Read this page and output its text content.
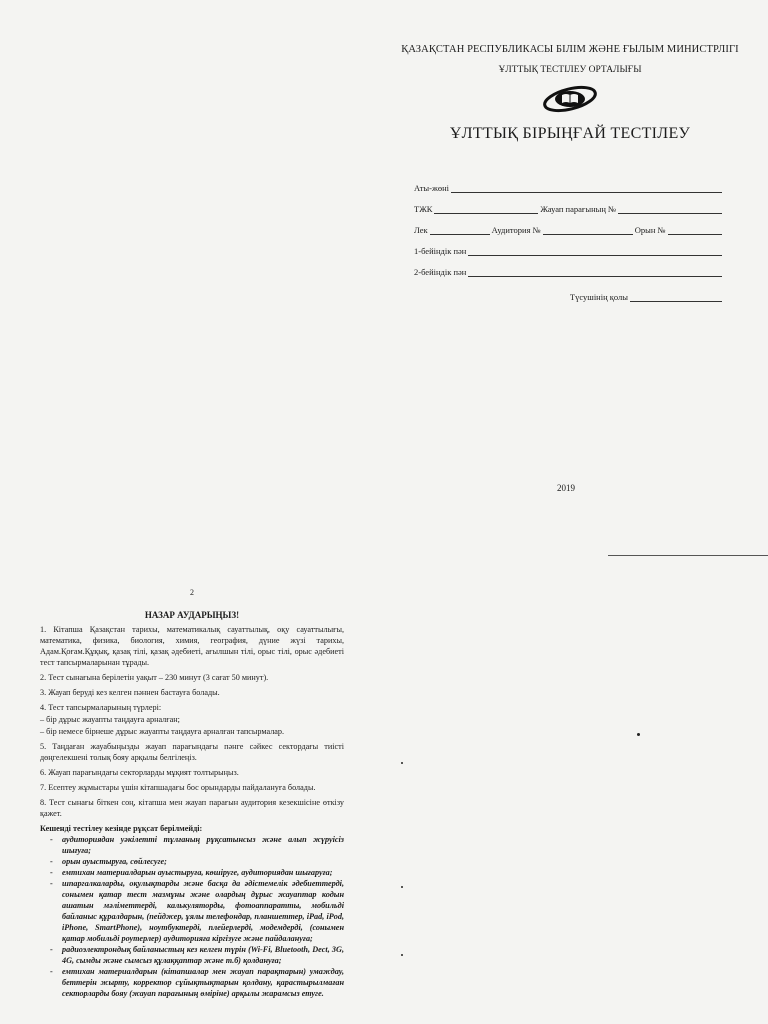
ҚАЗАҚСТАН РЕСПУБЛИКАСЫ БІЛІМ ЖӘНЕ ҒЫЛЫМ МИНИСТРЛІГІ
ҰЛТТЫҚ ТЕСТІЛЕУ ОРТАЛЫҒЫ
ҰЛТТЫҚ БІРЫҢҒАЙ ТЕСТІЛЕУ
Аты-жөні
ТЖК	Жауап парағының №
Лек	Аудитория №	Орын №
1-бейіндік пән
2-бейіндік пән
Түсушінің қолы
2019
2
НАЗАР АУДАРЫҢЫЗ!

1. Кітапша Қазақстан тарихы, математикалық сауаттылық, оқу сауаттылығы, математика, физика, биология, химия, география, дүние жүзі тарихы, Адам.Қоғам.Құқық, қазақ тілі, қазақ әдебиеті, ағылшын тілі, орыс тілі, орыс әдебиеті тест тапсырмаларынан тұрады.

2. Тест сынағына берілетін уақыт – 230 минут (3 сағат 50 минут).

3. Жауап беруді кез келген пәннен бастауға болады.

4. Тест тапсырмаларының түрлері:

– бір дұрыс жауапты таңдауға арналған;

– бір немесе бірнеше дұрыс жауапты таңдауға арналған тапсырмалар.

5. Таңдаған жауабыңызды жауап парағындағы пәнге сәйкес сектордағы тиісті дөңгелекшені толық бояу арқылы белгілеңіз.

6. Жауап парағындағы секторларды мұқият толтырыңыз.

7. Есептеу жұмыстары үшін кітапшадағы бос орындарды пайдалануға болады.

8. Тест сынағы біткен соң, кітапша мен жауап парағын аудитория кезекшісіне өткізу қажет.

Кешенді тестілеу кезінде рұқсат берілмейді:
- аудиториядан уәкілетті тұлғаның рұқсатынсыз және алып жүруісіз шығуға;
- орын ауыстыруға, сөйлесуге;
- емтихан материалдарын ауыстыруға, көшіруге, аудиториядан шығаруға;
- шпаргалкаларды, оқулықтарды және басқа да әдістемелік әдебиеттерді, сонымен қатар тест мазмұны және олардың дұрыс жауаптар кодын ашатын мәліметтерді, калькуляторды, фотоаппаратты, мобильді байланыс құралдарын, (пейджер, ұялы телефондар, планшеттер, iPad, iPod, iPhone, SmartPhone), ноутбуктерді, плейерлерді, модемдерді, (сонымен қатар мобильді роутерлер) аудиторияға кіргізуге және пайдалануға;
- радиоэлектрондық байланыстың кез келген түрін (Wi-Fi, Bluetooth, Dect, 3G, 4G, сымды және сымсыз құлаққаптар және т.б) қолдануға;
- емтихан материалдарын (кітапшалар мен жауап парақтарын) умаждау, беттерін жырту, корректор сұйықтықтарын қолдану, қарастырылмаған секторларды бояу (жауап парағының өміріне) арқылы жарамсыз етуге.
